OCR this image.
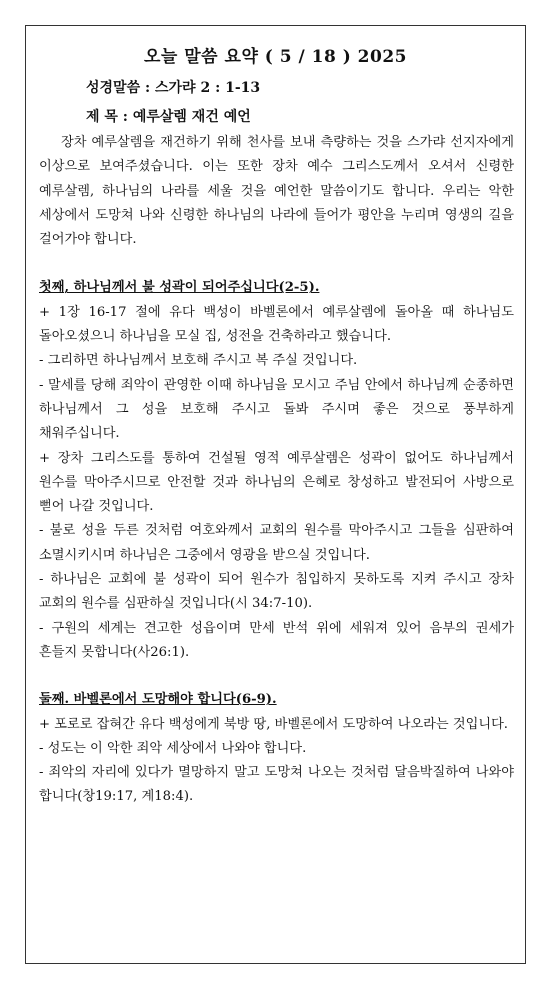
오늘 말씀 요약 ( 5 / 18 ) 2025
성경말씀 : 스가랴 2 : 1-13
제 목 : 예루살렘 재건 예언

장차 예루살렘을 재건하기 위해 천사를 보내 측량하는 것을 스가랴 선지자에게 이상으로 보여주셨습니다. 이는 또한 장차 예수 그리스도께서 오셔서 신령한 예루살렘, 하나님의 나라를 세울 것을 예언한 말씀이기도 합니다. 우리는 악한 세상에서 도망쳐 나와 신령한 하나님의 나라에 들어가 평안을 누리며 영생의 길을 걸어가야 합니다.

첫째, 하나님께서 불 성곽이 되어주십니다(2-5).

+ 1장 16-17 절에 유다 백성이 바벨론에서 예루살렘에 돌아올 때 하나님도 돌아오셨으니 하나님을 모실 집, 성전을 건축하라고 했습니다.

- 그리하면 하나님께서 보호해 주시고 복 주실 것입니다.

- 말세를 당해 죄악이 관영한 이때 하나님을 모시고 주님 안에서 하나님께 순종하면 하나님께서 그 성을 보호해 주시고 돌봐 주시며 좋은 것으로 풍부하게 채워주십니다.

+ 장차 그리스도를 통하여 건설될 영적 예루살렘은 성곽이 없어도 하나님께서 원수를 막아주시므로 안전할 것과 하나님의 은혜로 창성하고 발전되어 사방으로 뻗어 나갈 것입니다.

- 불로 성을 두른 것처럼 여호와께서 교회의 원수를 막아주시고 그들을 심판하여 소멸시키시며 하나님은 그중에서 영광을 받으실 것입니다.

- 하나님은 교회에 불 성곽이 되어 원수가 침입하지 못하도록 지켜 주시고 장차 교회의 원수를 심판하실 것입니다(시 34:7-10).

- 구원의 세계는 견고한 성읍이며 만세 반석 위에 세워져 있어 음부의 권세가 흔들지 못합니다(사26:1).

둘째. 바벨론에서 도망해야 합니다(6-9).

+ 포로로 잡혀간 유다 백성에게 북방 땅, 바벨론에서 도망하여 나오라는 것입니다.

- 성도는 이 악한 죄악 세상에서 나와야 합니다.

- 죄악의 자리에 있다가 멸망하지 말고 도망쳐 나오는 것처럼 달음박질하여 나와야 합니다(창19:17, 계18:4).
